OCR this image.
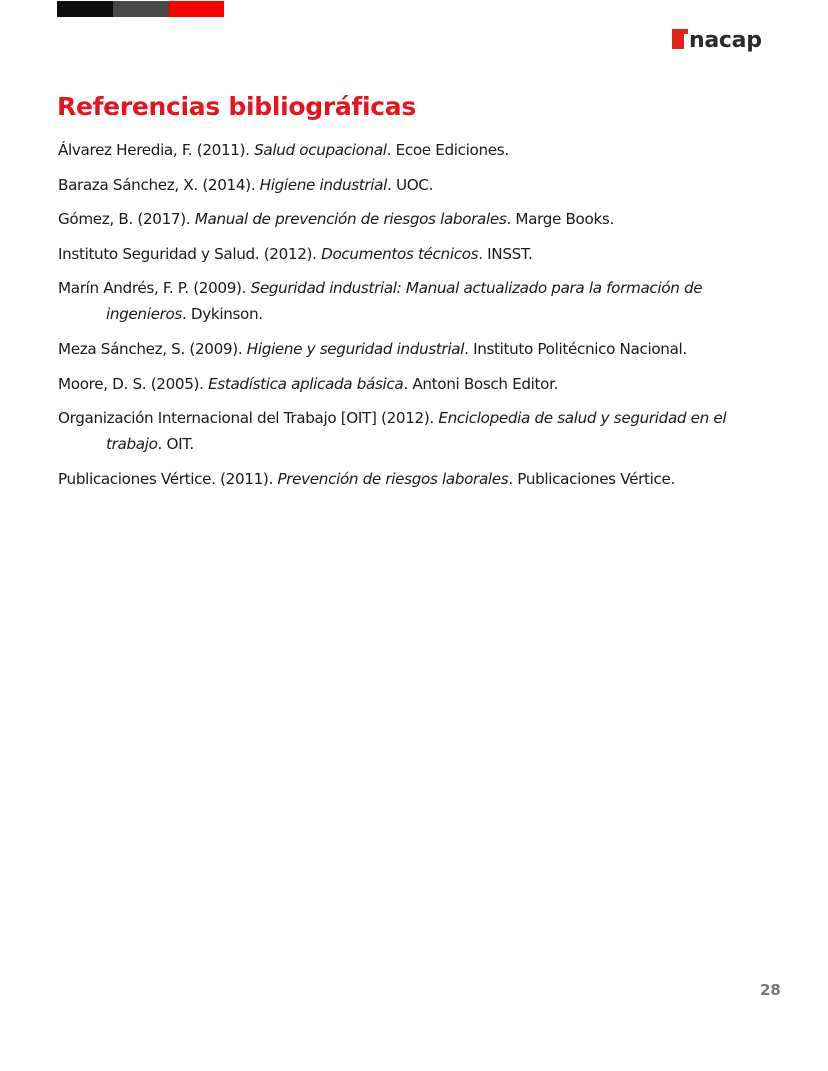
nacap
Referencias bibliográficas
Álvarez Heredia, F. (2011). Salud ocupacional. Ecoe Ediciones.
Baraza Sánchez, X. (2014). Higiene industrial. UOC.
Gómez, B. (2017). Manual de prevención de riesgos laborales. Marge Books.
Instituto Seguridad y Salud. (2012). Documentos técnicos. INSST.
Marín Andrés, F. P. (2009). Seguridad industrial: Manual actualizado para la formación de ingenieros. Dykinson.
Meza Sánchez, S. (2009). Higiene y seguridad industrial. Instituto Politécnico Nacional.
Moore, D. S. (2005). Estadística aplicada básica. Antoni Bosch Editor.
Organización Internacional del Trabajo [OIT] (2012). Enciclopedia de salud y seguridad en el trabajo. OIT.
Publicaciones Vértice. (2011). Prevención de riesgos laborales. Publicaciones Vértice.
28
